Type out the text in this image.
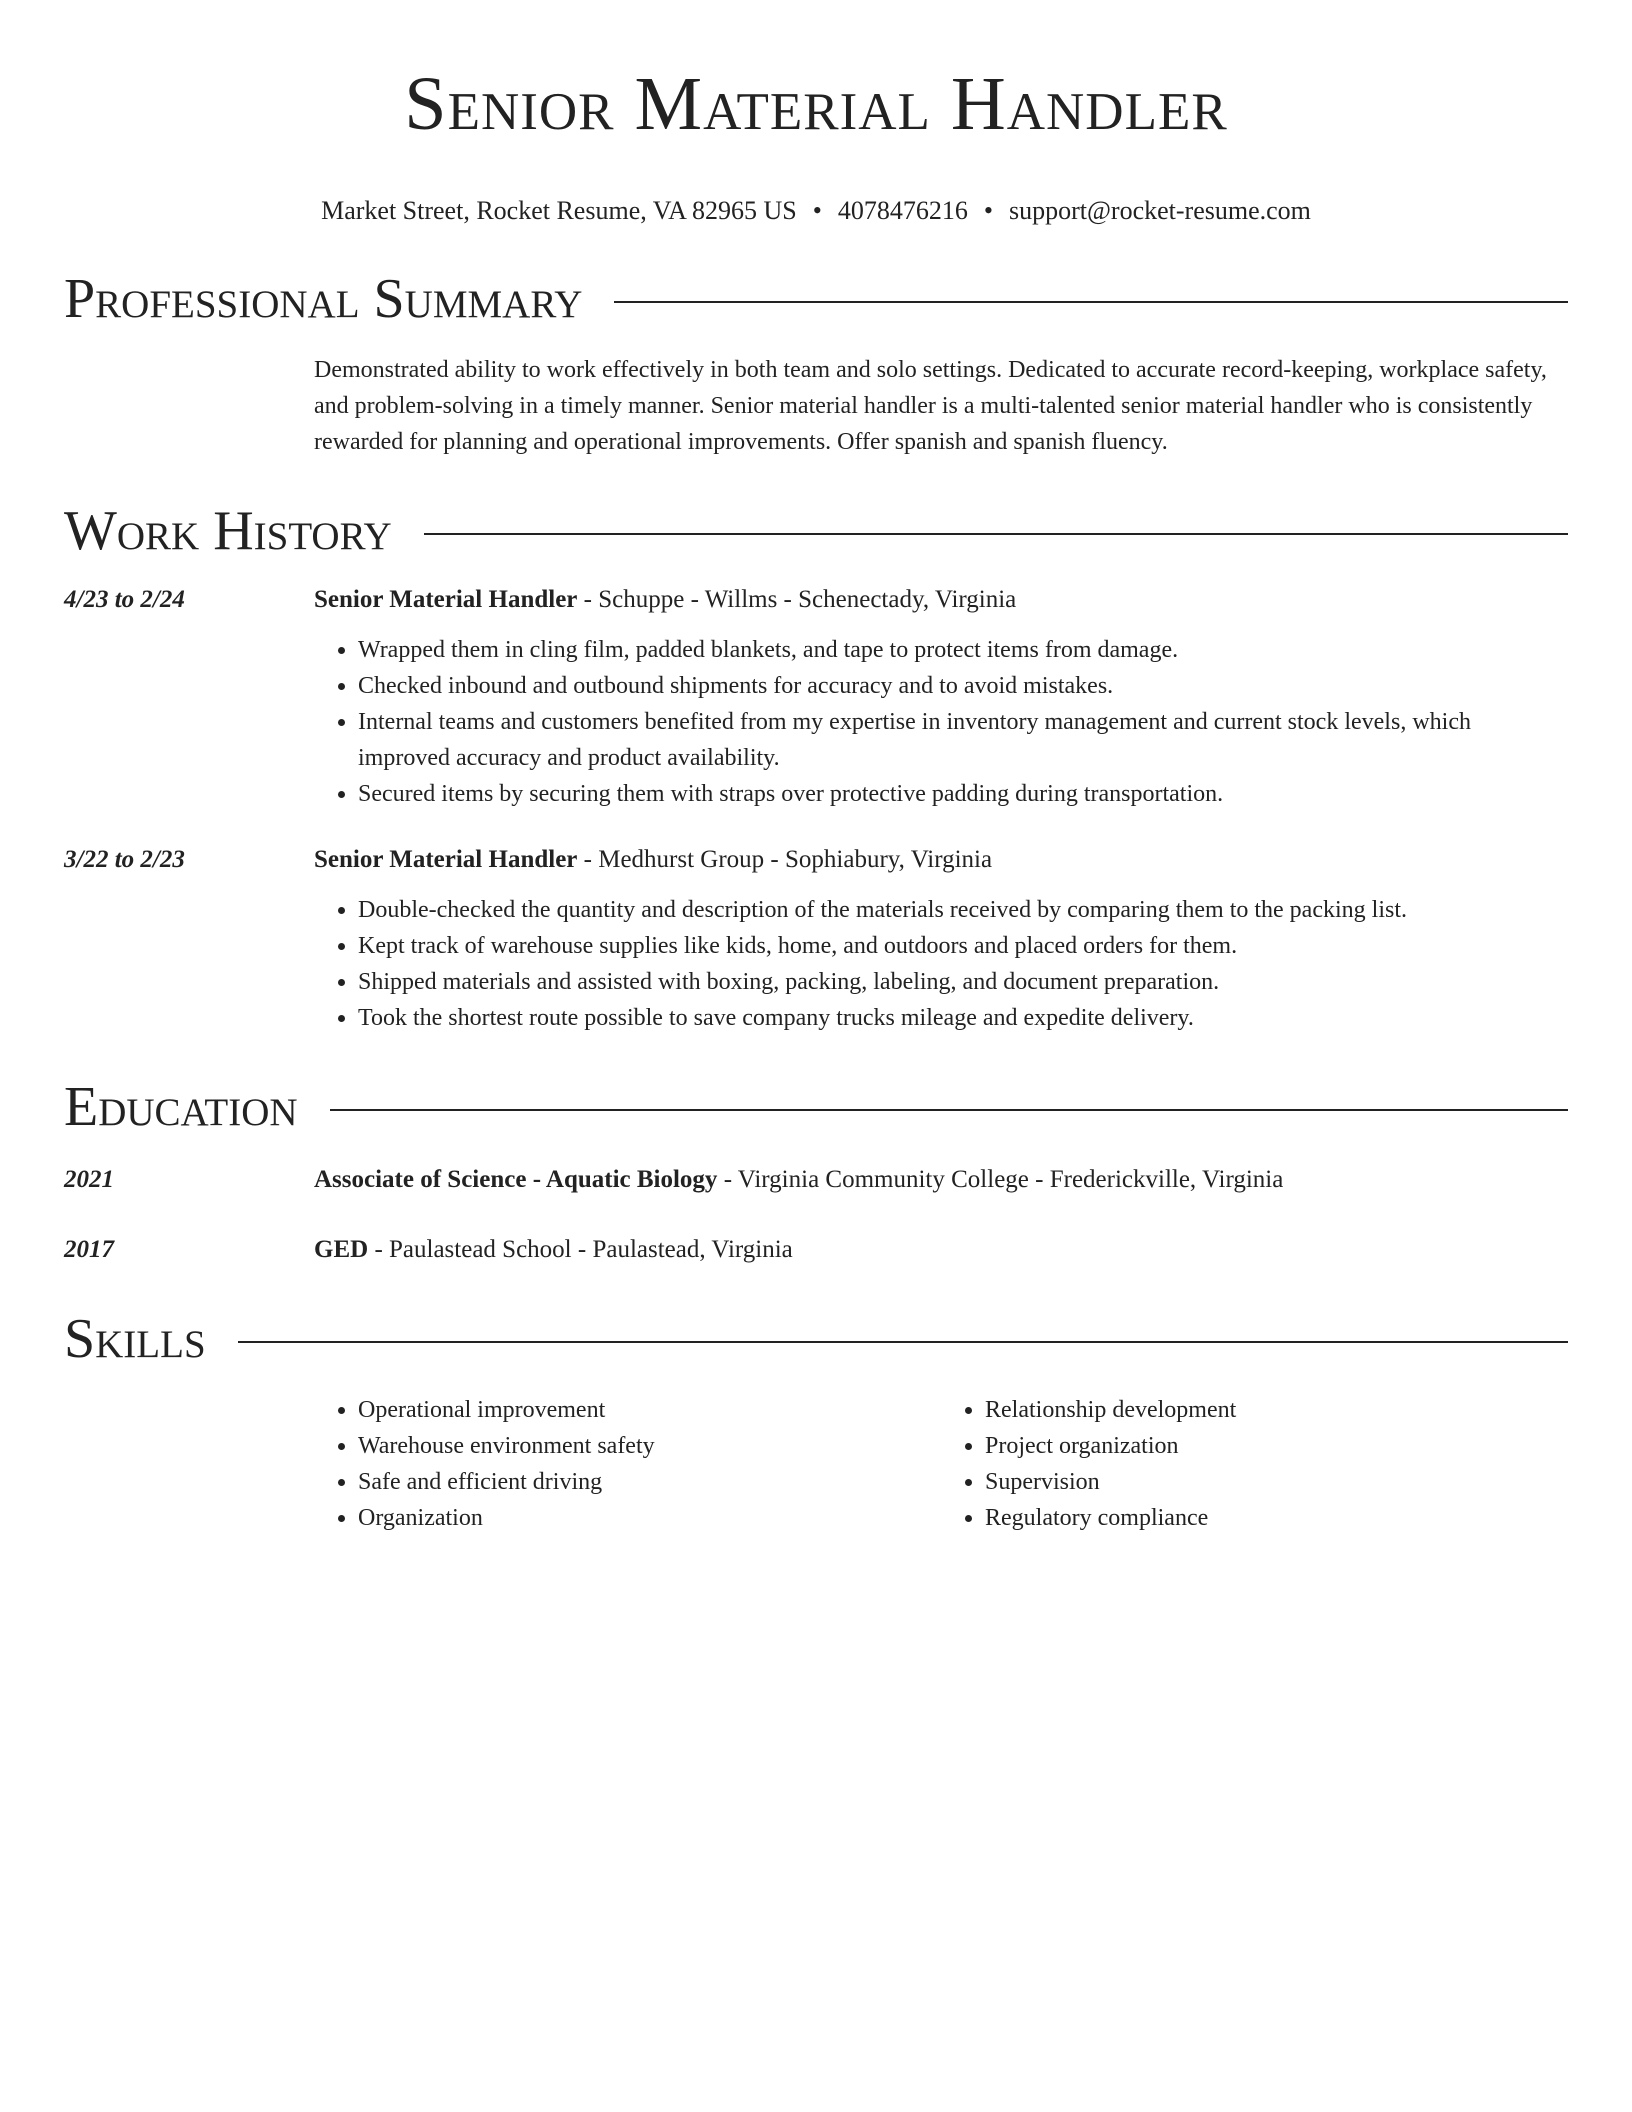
Senior Material Handler
Market Street, Rocket Resume, VA 82965 US • 4078476216 • support@rocket-resume.com
Professional Summary
Demonstrated ability to work effectively in both team and solo settings. Dedicated to accurate record-keeping, workplace safety, and problem-solving in a timely manner. Senior material handler is a multi-talented senior material handler who is consistently rewarded for planning and operational improvements. Offer spanish and spanish fluency.
Work History
4/23 to 2/24	Senior Material Handler - Schuppe - Willms - Schenectady, Virginia
• Wrapped them in cling film, padded blankets, and tape to protect items from damage.
• Checked inbound and outbound shipments for accuracy and to avoid mistakes.
• Internal teams and customers benefited from my expertise in inventory management and current stock levels, which improved accuracy and product availability.
• Secured items by securing them with straps over protective padding during transportation.
3/22 to 2/23	Senior Material Handler - Medhurst Group - Sophiabury, Virginia
• Double-checked the quantity and description of the materials received by comparing them to the packing list.
• Kept track of warehouse supplies like kids, home, and outdoors and placed orders for them.
• Shipped materials and assisted with boxing, packing, labeling, and document preparation.
• Took the shortest route possible to save company trucks mileage and expedite delivery.
Education
2021	Associate of Science - Aquatic Biology - Virginia Community College - Frederickville, Virginia
2017	GED - Paulastead School - Paulastead, Virginia
Skills
• Operational improvement
• Warehouse environment safety
• Safe and efficient driving
• Organization
• Relationship development
• Project organization
• Supervision
• Regulatory compliance
